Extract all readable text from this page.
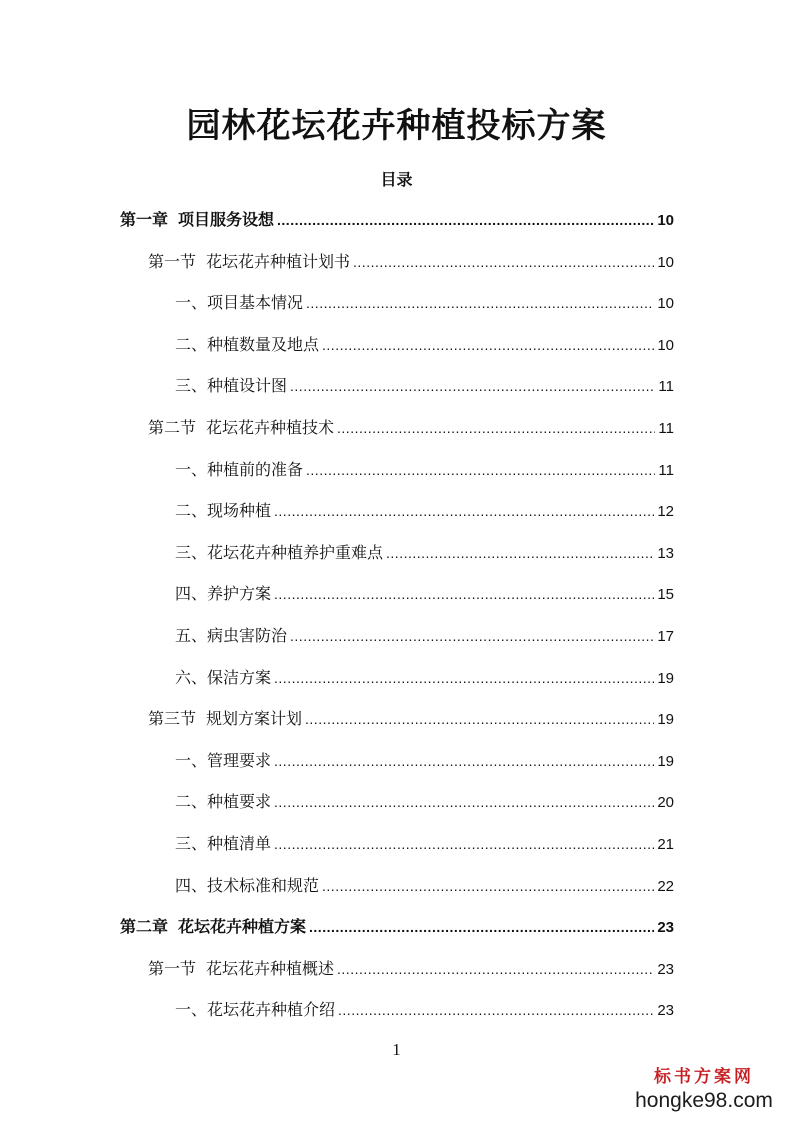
园林花坛花卉种植投标方案
目录
第一章 项目服务设想 .....	10
第一节 花坛花卉种植计划书 .....	10
一、项目基本情况 .....	10
二、种植数量及地点 .....	10
三、种植设计图 .....	11
第二节 花坛花卉种植技术 .....	11
一、种植前的准备 .....	11
二、现场种植 .....	12
三、花坛花卉种植养护重难点 .....	13
四、养护方案 .....	15
五、病虫害防治 .....	17
六、保洁方案 .....	19
第三节 规划方案计划 .....	19
一、管理要求 .....	19
二、种植要求 .....	20
三、种植清单 .....	21
四、技术标准和规范 .....	22
第二章 花坛花卉种植方案 .....	23
第一节 花坛花卉种植概述 .....	23
一、花坛花卉种植介绍 .....	23
1
标书方案网
hongke98.com
